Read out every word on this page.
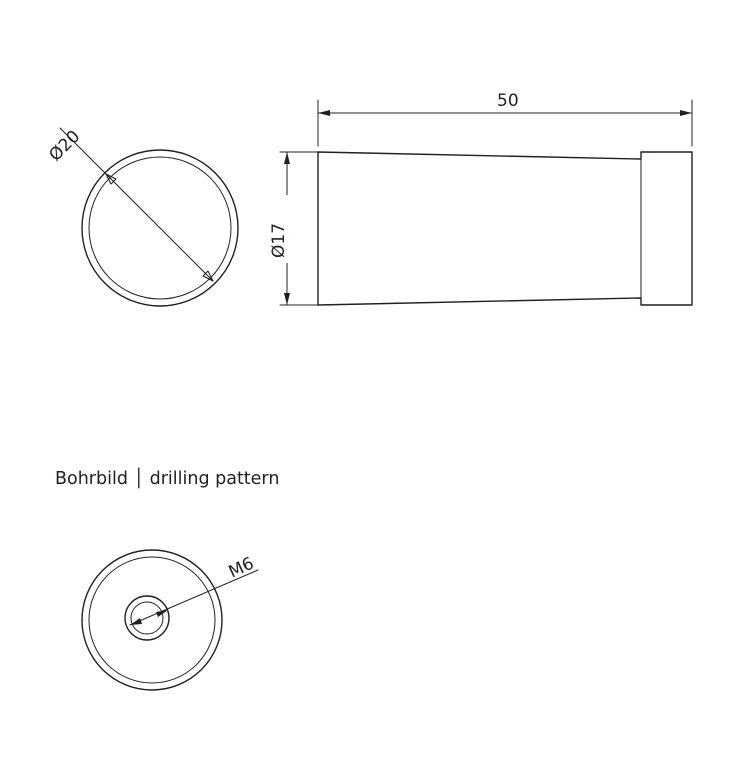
Ø20
50
Ø17
Bohrbild │ drilling pattern
M6
